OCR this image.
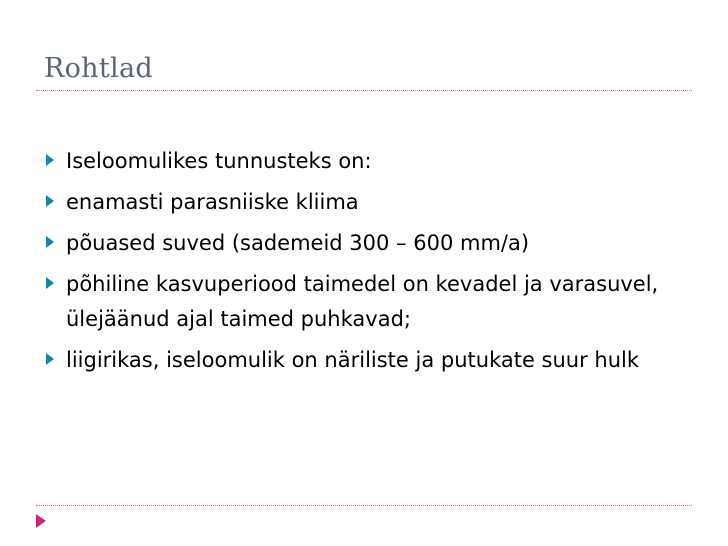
Rohtlad
Iseloomulikes tunnusteks on:
enamasti parasniiske kliima
põuased suved (sademeid 300 – 600 mm/a)
põhiline kasvuperiood taimedel on kevadel ja varasuvel, ülejäänud ajal taimed puhkavad;
liigirikas, iseloomulik on näriliste ja putukate suur hulk
